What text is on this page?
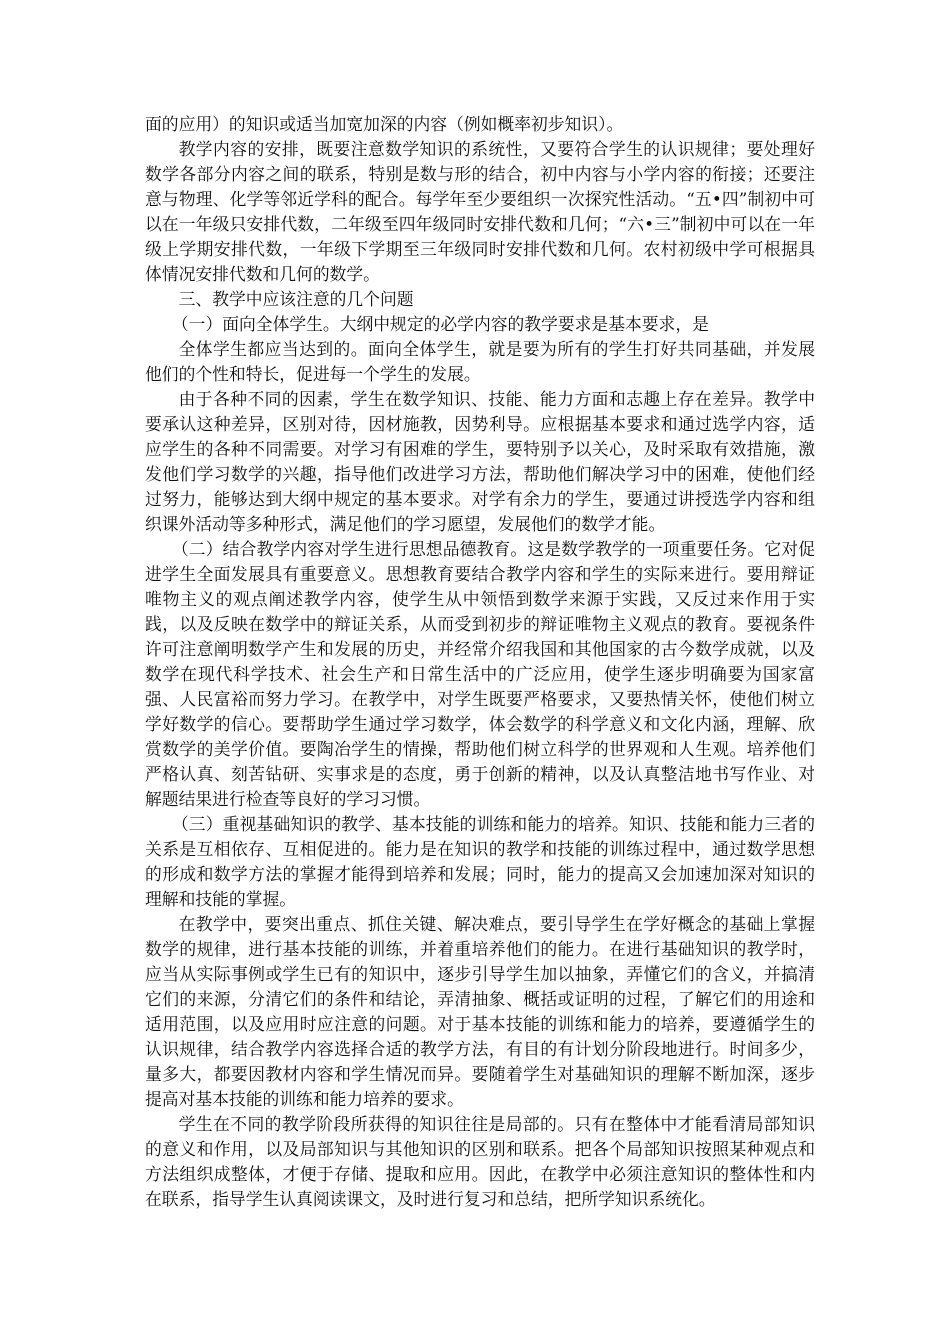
面的应用）的知识或适当加宽加深的内容（例如概率初步知识）。

教学内容的安排，既要注意数学知识的系统性，又要符合学生的认识规律；要处理好数学各部分内容之间的联系，特别是数与形的结合，初中内容与小学内容的衔接；还要注意与物理、化学等邻近学科的配合。每学年至少要组织一次探究性活动。“五•四”制初中可以在一年级只安排代数，二年级至四年级同时安排代数和几何；“六•三”制初中可以在一年级上学期安排代数，一年级下学期至三年级同时安排代数和几何。农村初级中学可根据具体情况安排代数和几何的数学。

三、教学中应该注意的几个问题

（一）面向全体学生。大纲中规定的必学内容的教学要求是基本要求，是

全体学生都应当达到的。面向全体学生，就是要为所有的学生打好共同基础，并发展他们的个性和特长，促进每一个学生的发展。

由于各种不同的因素，学生在数学知识、技能、能力方面和志趣上存在差异。教学中要承认这种差异，区别对待，因材施教，因势利导。应根据基本要求和通过选学内容，适应学生的各种不同需要。对学习有困难的学生，要特别予以关心，及时采取有效措施，激发他们学习数学的兴趣，指导他们改进学习方法，帮助他们解决学习中的困难，使他们经过努力，能够达到大纲中规定的基本要求。对学有余力的学生，要通过讲授选学内容和组织课外活动等多种形式，满足他们的学习愿望，发展他们的数学才能。

（二）结合教学内容对学生进行思想品德教育。这是数学教学的一项重要任务。它对促进学生全面发展具有重要意义。思想教育要结合教学内容和学生的实际来进行。要用辩证唯物主义的观点阐述教学内容，使学生从中领悟到数学来源于实践，又反过来作用于实践，以及反映在数学中的辩证关系，从而受到初步的辩证唯物主义观点的教育。要视条件许可注意阐明数学产生和发展的历史，并经常介绍我国和其他国家的古今数学成就，以及数学在现代科学技术、社会生产和日常生活中的广泛应用，使学生逐步明确要为国家富强、人民富裕而努力学习。在教学中，对学生既要严格要求，又要热情关怀，使他们树立学好数学的信心。要帮助学生通过学习数学，体会数学的科学意义和文化内涵，理解、欣赏数学的美学价值。要陶冶学生的情操，帮助他们树立科学的世界观和人生观。培养他们严格认真、刻苦钻研、实事求是的态度，勇于创新的精神，以及认真整洁地书写作业、对解题结果进行检查等良好的学习习惯。

（三）重视基础知识的教学、基本技能的训练和能力的培养。知识、技能和能力三者的关系是互相依存、互相促进的。能力是在知识的教学和技能的训练过程中，通过数学思想的形成和数学方法的掌握才能得到培养和发展；同时，能力的提高又会加速加深对知识的理解和技能的掌握。

在教学中，要突出重点、抓住关键、解决难点，要引导学生在学好概念的基础上掌握数学的规律，进行基本技能的训练，并着重培养他们的能力。在进行基础知识的教学时，应当从实际事例或学生已有的知识中，逐步引导学生加以抽象，弄懂它们的含义，并搞清它们的来源，分清它们的条件和结论，弄清抽象、概括或证明的过程，了解它们的用途和适用范围，以及应用时应注意的问题。对于基本技能的训练和能力的培养，要遵循学生的认识规律，结合教学内容选择合适的教学方法，有目的有计划分阶段地进行。时间多少，量多大，都要因教材内容和学生情况而异。要随着学生对基础知识的理解不断加深，逐步提高对基本技能的训练和能力培养的要求。

学生在不同的教学阶段所获得的知识往往是局部的。只有在整体中才能看清局部知识的意义和作用，以及局部知识与其他知识的区别和联系。把各个局部知识按照某种观点和方法组织成整体，才便于存储、提取和应用。因此，在教学中必须注意知识的整体性和内在联系，指导学生认真阅读课文，及时进行复习和总结，把所学知识系统化。
